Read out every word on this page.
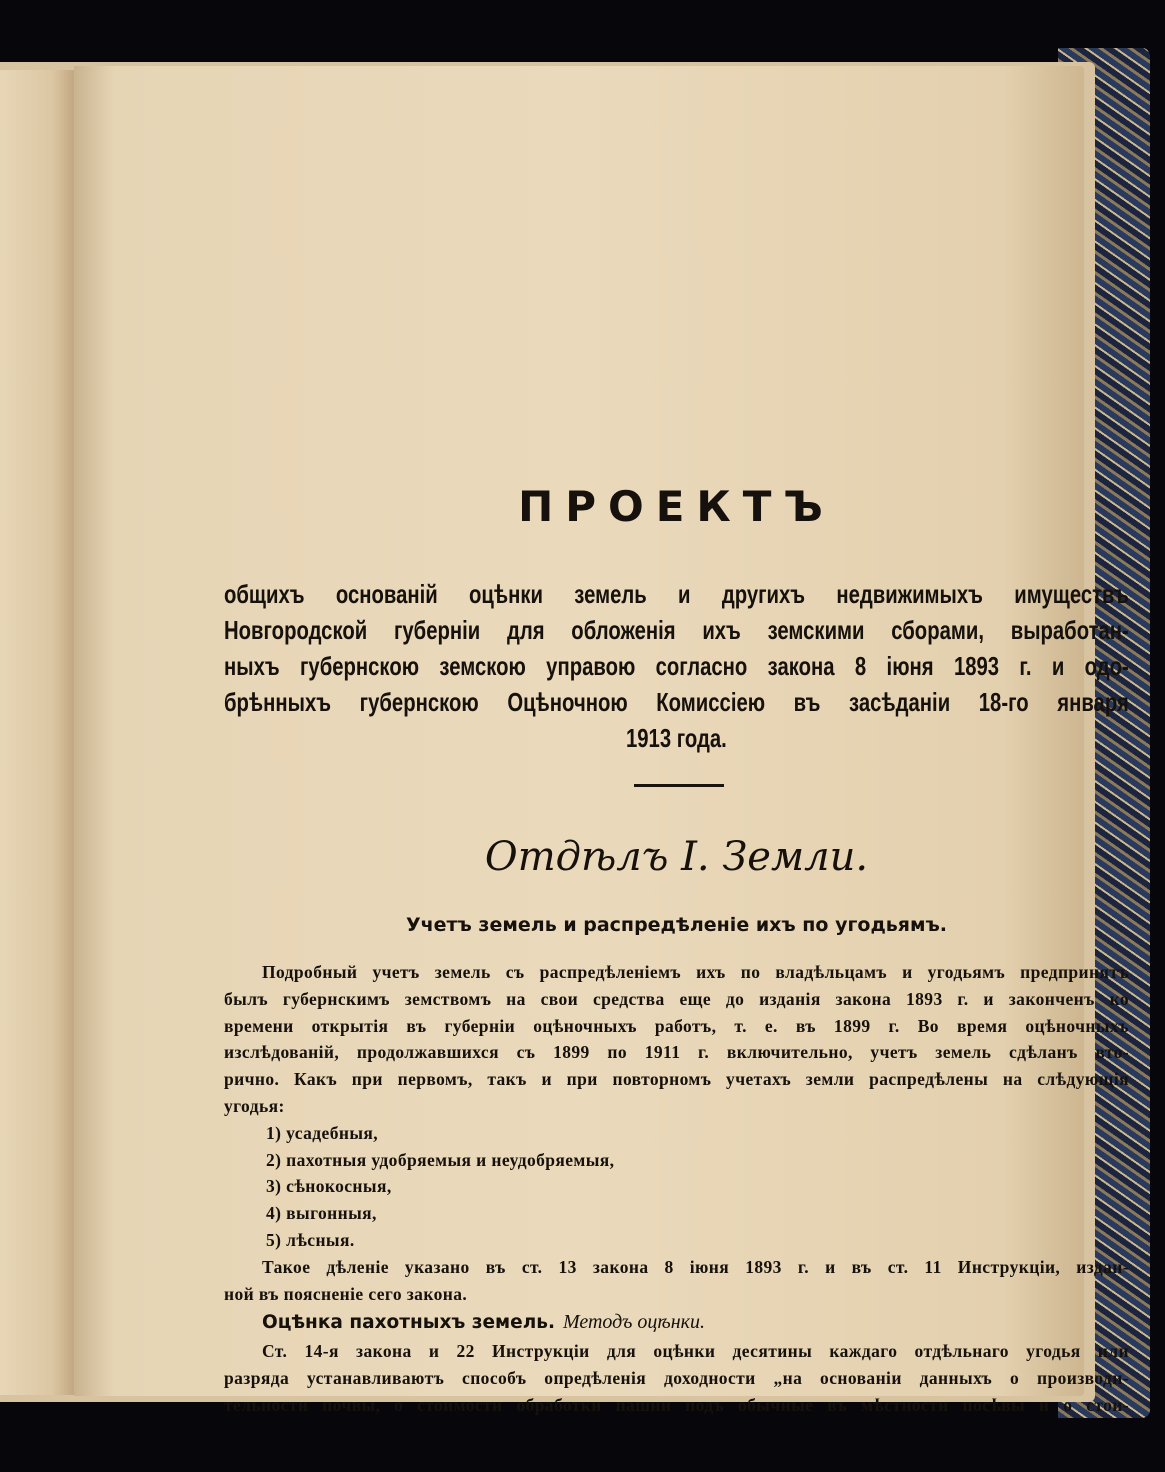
ПРОЕКТЪ
общихъ основаній оцѣнки земель и другихъ недвижимыхъ имуществъ
Новгородской губерніи для обложенія ихъ земскими сборами, выработан-
ныхъ губернскою земскою управою согласно закона 8 іюня 1893 г. и одо-
брѣнныхъ губернскою Оцѣночною Комиссіею въ засѣданіи 18-го января
1913 года.
Отдѣлъ I. Земли.
Учетъ земель и распредѣленіе ихъ по угодьямъ.
Подробный учетъ земель съ распредѣленіемъ ихъ по владѣльцамъ и угодьямъ предпринятъ
былъ губернскимъ земствомъ на свои средства еще до изданія закона 1893 г. и законченъ ко
времени открытія въ губерніи оцѣночныхъ работъ, т. е. въ 1899 г. Во время оцѣночныхъ
изслѣдованій, продолжавшихся съ 1899 по 1911 г. включительно, учетъ земель сдѣланъ вто-
рично. Какъ при первомъ, такъ и при повторномъ учетахъ земли распредѣлены на слѣдующія
угодья:
1) усадебныя,
2) пахотныя удобряемыя и неудобряемыя,
3) сѣнокосныя,
4) выгонныя,
5) лѣсныя.
Такое дѣленіе указано въ ст. 13 закона 8 іюня 1893 г. и въ ст. 11 Инструкціи, издан-
ной въ поясненіе сего закона.
Оцѣнка пахотныхъ земель. Методъ оцѣнки.
Ст. 14-я закона и 22 Инструкціи для оцѣнки десятины каждаго отдѣльнаго угодья или
разряда устанавливаютъ способъ опредѣленія доходности „на основаніи данныхъ о производи-
тельности почвы, о стоимости обработки пашни подъ обычные въ мѣстности посѣвы и о стои-
